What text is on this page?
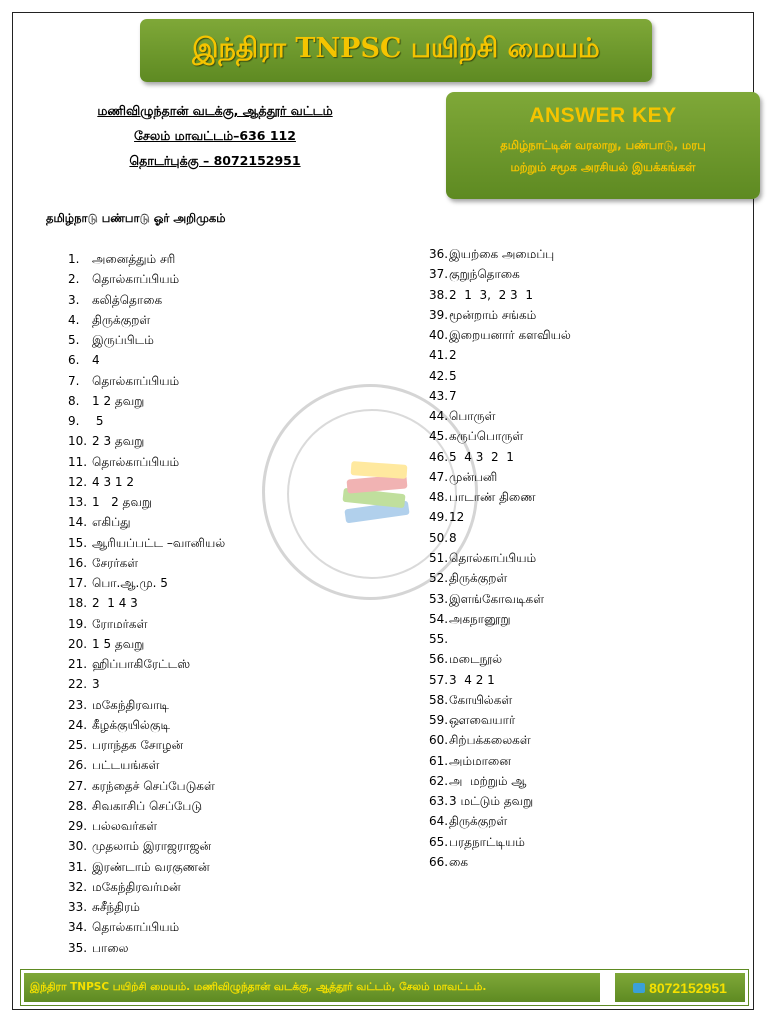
இந்திரா TNPSC பயிற்சி மையம்
மணிவிழுந்தான் வடக்கு, ஆத்தூர் வட்டம்
சேலம் மாவட்டம்–636 112
தொடர்புக்கு – 8072152951
ANSWER KEY
தமிழ்நாட்டின் வரலாறு, பண்பாடு, மரபு
மற்றும் சமூக அரசியல் இயக்கங்கள்
தமிழ்நாடு பண்பாடு ஓர் அறிமுகம்
1.	அனைத்தும் சரி
2.	தொல்காப்பியம்
3.	கலித்தொகை
4.	திருக்குறள்
5.	இருப்பிடம்
6.	4
7.	தொல்காப்பியம்
8.	1 2 தவறு
9.	5
10. 2 3 தவறு
11. தொல்காப்பியம்
12. 4 3 1 2
13. 1   2 தவறு
14. எகிப்து
15. ஆரியப்பட்ட –வானியல்
16. சேரர்கள்
17. பொ.ஆ.மு. 5
18. 2  1 4 3
19. ரோமர்கள்
20. 1 5 தவறு
21. ஹிப்பாகிரேட்டஸ்
22. 3
23. மகேந்திரவாடி
24. கீழக்குயில்குடி
25. பராந்தக சோழன்
26. பட்டயங்கள்
27. கரந்தைச் செப்பேடுகள்
28. சிவகாசிப் செப்பேடு
29. பல்லவர்கள்
30. முதலாம் இராஜராஜன்
31. இரண்டாம் வரகுணன்
32. மகேந்திரவர்மன்
33. சுசீந்திரம்
34. தொல்காப்பியம்
35. பாலை
36. இயற்கை அமைப்பு
37. குறுந்தொகை
38. 2  1  3,  2 3  1
39. மூன்றாம் சங்கம்
40. இறையனார் களவியல்
41. 2
42. 5
43. 7
44. பொருள்
45. கருப்பொருள்
46. 5  4 3  2  1
47. முன்பனி
48. பாடாண் திணை
49. 12
50. 8
51. தொல்காப்பியம்
52. திருக்குறள்
53. இளங்கோவடிகள்
54. அகநானூறு
55.
56. மடைநூல்
57. 3  4 2 1
58. கோயில்கள்
59. ஔவையார்
60. சிற்பக்கலைகள்
61. அம்மானை
62. அ  மற்றும் ஆ
63. 3 மட்டும் தவறு
64. திருக்குறள்
65. பரதநாட்டியம்
66. கை
இந்திரா TNPSC பயிற்சி மையம். மணிவிழுந்தான் வடக்கு, ஆத்தூர் வட்டம், சேலம் மாவட்டம்.	8072152951
